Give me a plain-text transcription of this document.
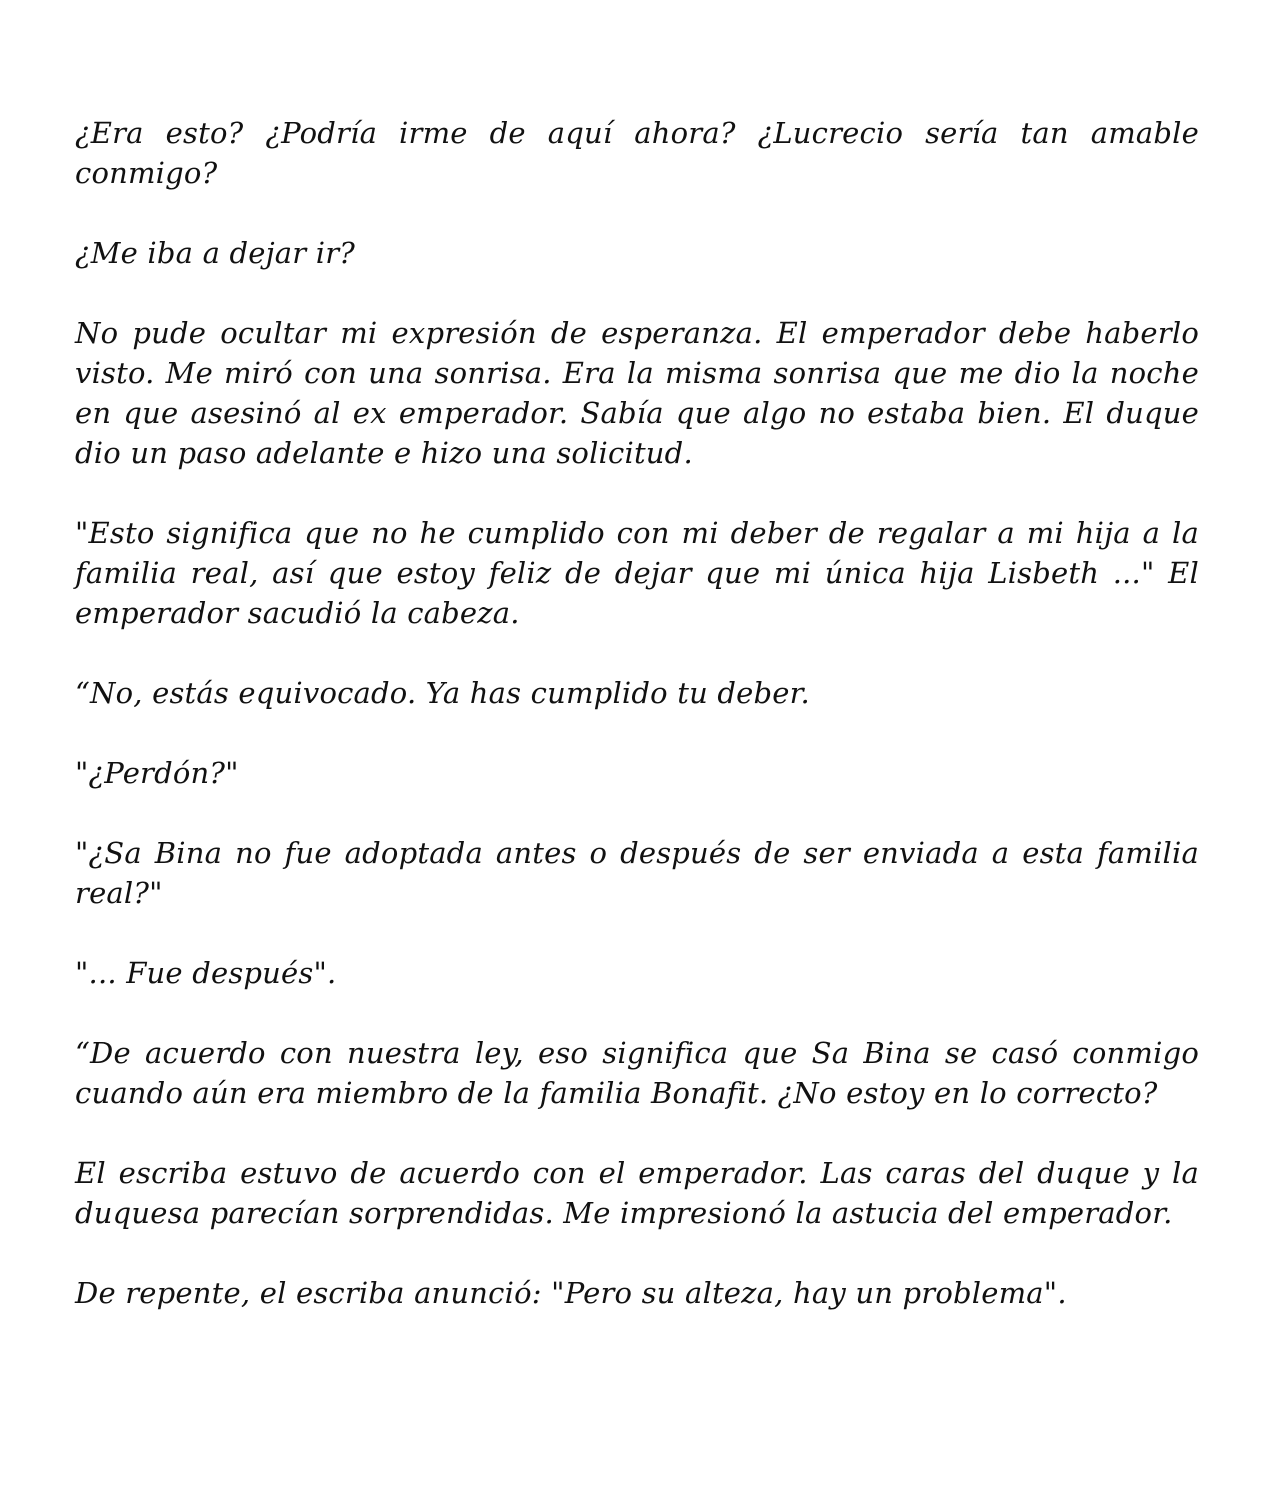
¿Era esto? ¿Podría irme de aquí ahora? ¿Lucrecio sería tan amable conmigo?

¿Me iba a dejar ir?

No pude ocultar mi expresión de esperanza. El emperador debe haberlo visto. Me miró con una sonrisa. Era la misma sonrisa que me dio la noche en que asesinó al ex emperador. Sabía que algo no estaba bien. El duque dio un paso adelante e hizo una solicitud.

"Esto significa que no he cumplido con mi deber de regalar a mi hija a la familia real, así que estoy feliz de dejar que mi única hija Lisbeth ..." El emperador sacudió la cabeza.

“No, estás equivocado. Ya has cumplido tu deber.

"¿Perdón?"

"¿Sa Bina no fue adoptada antes o después de ser enviada a esta familia real?"

"... Fue después".

“De acuerdo con nuestra ley, eso significa que Sa Bina se casó conmigo cuando aún era miembro de la familia Bonafit. ¿No estoy en lo correcto?

El escriba estuvo de acuerdo con el emperador. Las caras del duque y la duquesa parecían sorprendidas. Me impresionó la astucia del emperador.

De repente, el escriba anunció: "Pero su alteza, hay un problema".
